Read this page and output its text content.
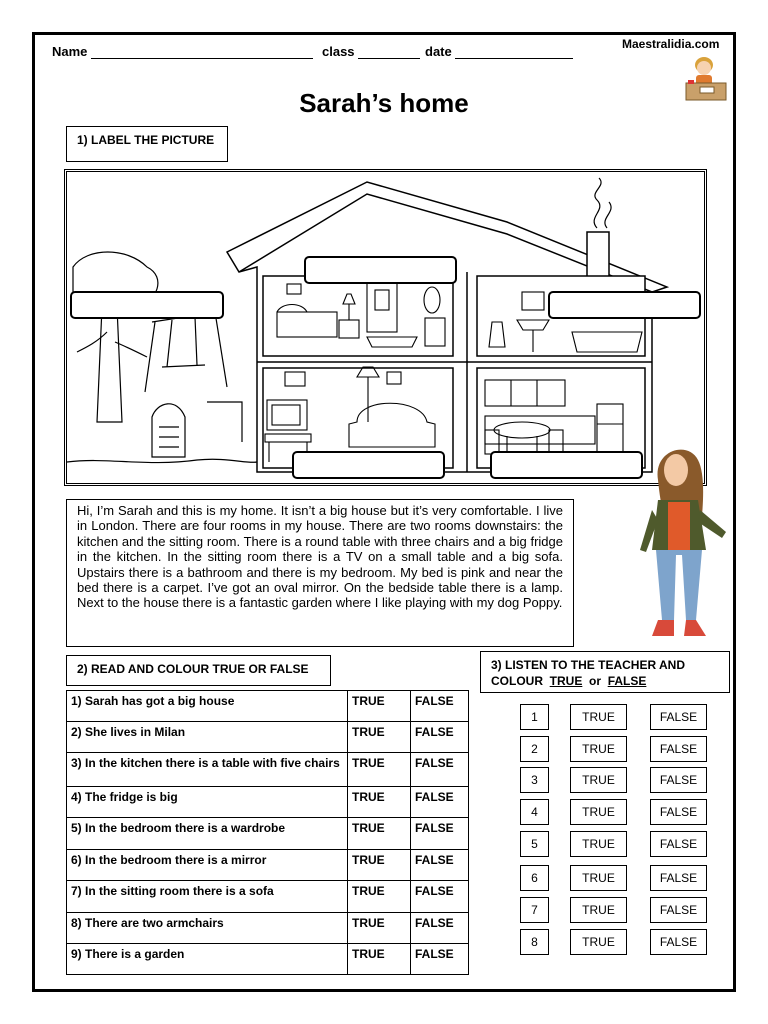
Name	class	date	Maestralidia.com
Sarah’s home
1) LABEL THE PICTURE
Hi, I’m Sarah and this is my home. It isn’t a big house but it’s very comfortable. I live in London. There are four rooms in my house. There are two rooms downstairs: the kitchen and the sitting room. There is a round table with three chairs and a big fridge in the kitchen. In the sitting room there is a TV on a small table and a big sofa. Upstairs there is a bathroom and there is my bedroom. My bed is pink and near the bed there is a carpet. I’ve got an oval mirror. On the bedside table there is a lamp. Next to the house there is a fantastic garden where I like playing with my dog Poppy.
2) READ AND COLOUR TRUE OR FALSE
1) Sarah has got a big house	TRUE	FALSE
2) She lives in Milan	TRUE	FALSE
3) In the kitchen there is a table with five chairs	TRUE	FALSE
4) The fridge is big	TRUE	FALSE
5) In the bedroom there is a wardrobe	TRUE	FALSE
6) In the bedroom there is a mirror	TRUE	FALSE
7) In the sitting room there is a sofa	TRUE	FALSE
8) There are two armchairs	TRUE	FALSE
9) There is a garden	TRUE	FALSE
3) LISTEN TO THE TEACHER AND
COLOUR TRUE or FALSE
1	TRUE	FALSE
2	TRUE	FALSE
3	TRUE	FALSE
4	TRUE	FALSE
5	TRUE	FALSE
6	TRUE	FALSE
7	TRUE	FALSE
8	TRUE	FALSE
